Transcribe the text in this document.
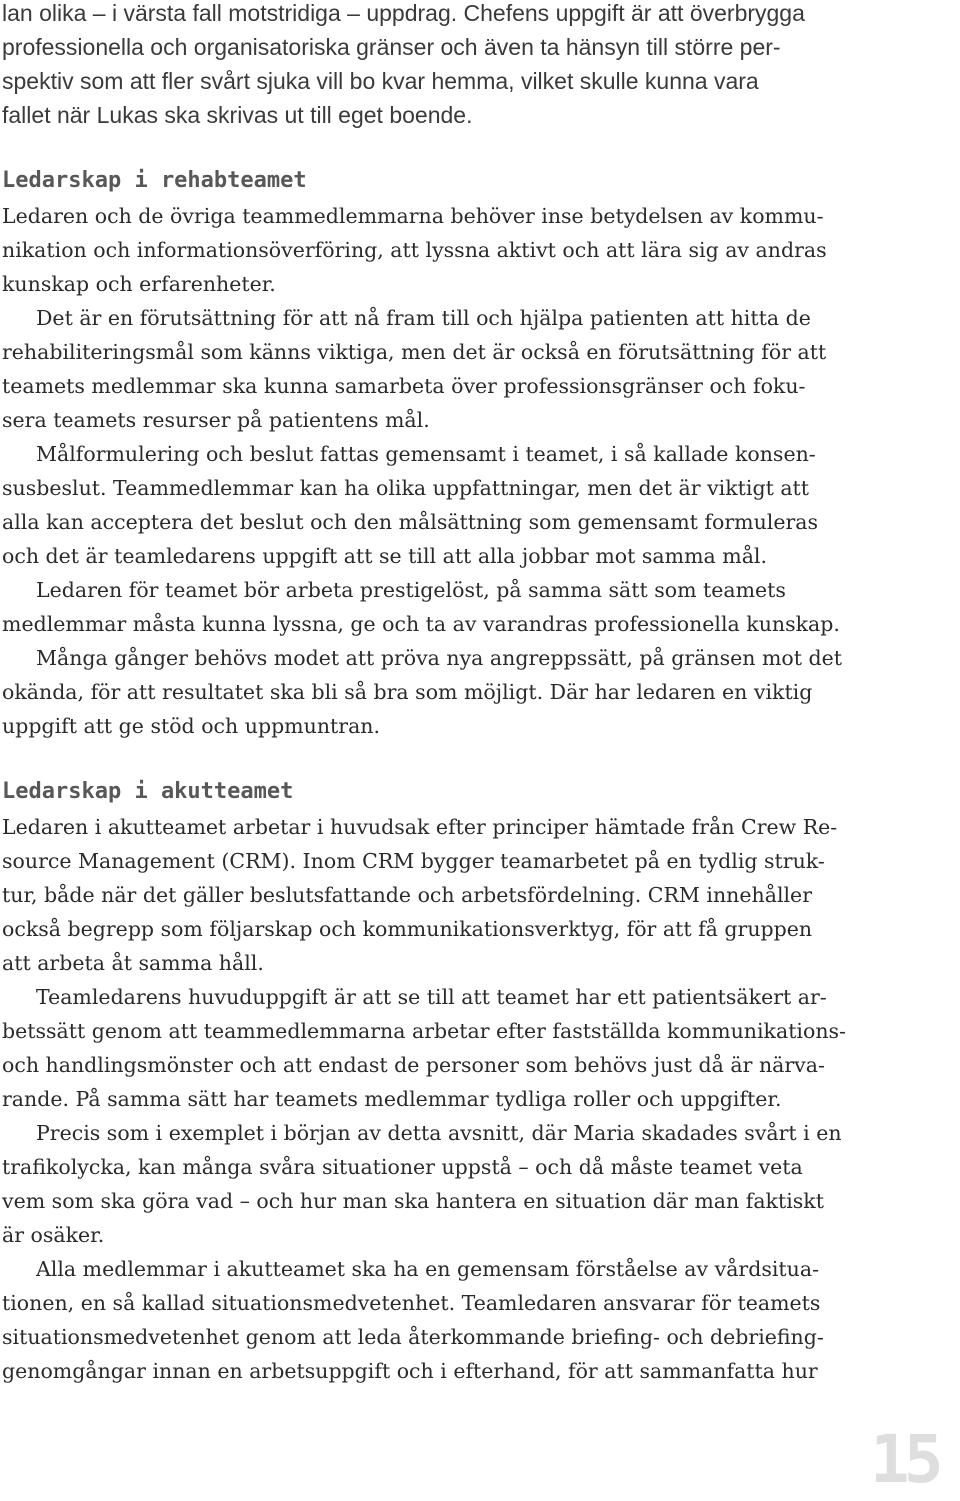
lan olika – i värsta fall motstridiga – uppdrag. Chefens uppgift är att överbrygga

professionella och organisatoriska gränser och även ta hänsyn till större per-

spektiv som att fler svårt sjuka vill bo kvar hemma, vilket skulle kunna vara

fallet när Lukas ska skrivas ut till eget boende.

Ledarskap i rehabteamet

Ledaren och de övriga teammedlemmarna behöver inse betydelsen av kommu-

nikation och informationsöverföring, att lyssna aktivt och att lära sig av andras

kunskap och erfarenheter.

Det är en förutsättning för att nå fram till och hjälpa patienten att hitta de

rehabiliteringsmål som känns viktiga, men det är också en förutsättning för att

teamets medlemmar ska kunna samarbeta över professionsgränser och foku-

sera teamets resurser på patientens mål.

Målformulering och beslut fattas gemensamt i teamet, i så kallade konsen-

susbeslut. Teammedlemmar kan ha olika uppfattningar, men det är viktigt att

alla kan acceptera det beslut och den målsättning som gemensamt formuleras

och det är teamledarens uppgift att se till att alla jobbar mot samma mål.

Ledaren för teamet bör arbeta prestigelöst, på samma sätt som teamets

medlemmar måsta kunna lyssna, ge och ta av varandras professionella kunskap.

Många gånger behövs modet att pröva nya angreppssätt, på gränsen mot det

okända, för att resultatet ska bli så bra som möjligt. Där har ledaren en viktig

uppgift att ge stöd och uppmuntran.

Ledarskap i akutteamet

Ledaren i akutteamet arbetar i huvudsak efter principer hämtade från Crew Re-

source Management (CRM). Inom CRM bygger teamarbetet på en tydlig struk-

tur, både när det gäller beslutsfattande och arbetsfördelning. CRM innehåller

också begrepp som följarskap och kommunikationsverktyg, för att få gruppen

att arbeta åt samma håll.

Teamledarens huvuduppgift är att se till att teamet har ett patientsäkert ar-

betssätt genom att teammedlemmarna arbetar efter fastställda kommunikations-

och handlingsmönster och att endast de personer som behövs just då är närva-

rande. På samma sätt har teamets medlemmar tydliga roller och uppgifter.

Precis som i exemplet i början av detta avsnitt, där Maria skadades svårt i en

trafikolycka, kan många svåra situationer uppstå – och då måste teamet veta

vem som ska göra vad – och hur man ska hantera en situation där man faktiskt

är osäker.

Alla medlemmar i akutteamet ska ha en gemensam förståelse av vårdsitua-

tionen, en så kallad situationsmedvetenhet. Teamledaren ansvarar för teamets

situationsmedvetenhet genom att leda återkommande briefing- och debriefing-

genomgångar innan en arbetsuppgift och i efterhand, för att sammanfatta hur

15
